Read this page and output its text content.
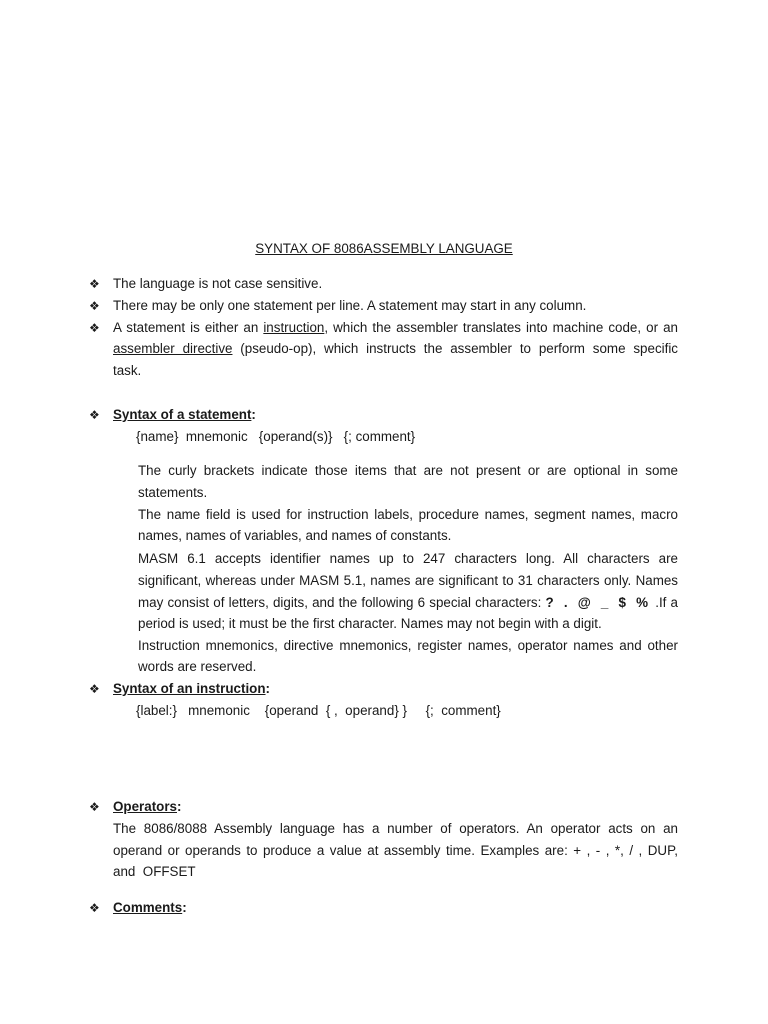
SYNTAX OF 8086ASSEMBLY LANGUAGE
❖ The language is not case sensitive.
❖ There may be only one statement per line. A statement may start in any column.
❖ A statement is either an instruction, which the assembler translates into machine code, or an
assembler directive (pseudo-op), which instructs the assembler to perform some specific
task.
❖ Syntax of a statement:
{name}  mnemonic   {operand(s)}   {; comment}
The curly brackets indicate those items that are not present or are optional in some
statements.
The name field is used for instruction labels, procedure names, segment names, macro
names, names of variables, and names of constants.
MASM 6.1 accepts identifier names up to 247 characters long. All characters are
significant, whereas under MASM 5.1, names are significant to 31 characters only. Names
may consist of letters, digits, and the following 6 special characters: ? . @ _ $ % .If a
period is used; it must be the first character. Names may not begin with a digit.
Instruction mnemonics, directive mnemonics, register names, operator names and other
words are reserved.
❖ Syntax of an instruction:
{label:}   mnemonic    {operand  { ,  operand} }     {;  comment}
❖ Operators:
The 8086/8088 Assembly language has a number of operators. An operator acts on an
operand or operands to produce a value at assembly time. Examples are: + , - , *, / , DUP,
and  OFFSET
❖ Comments:
